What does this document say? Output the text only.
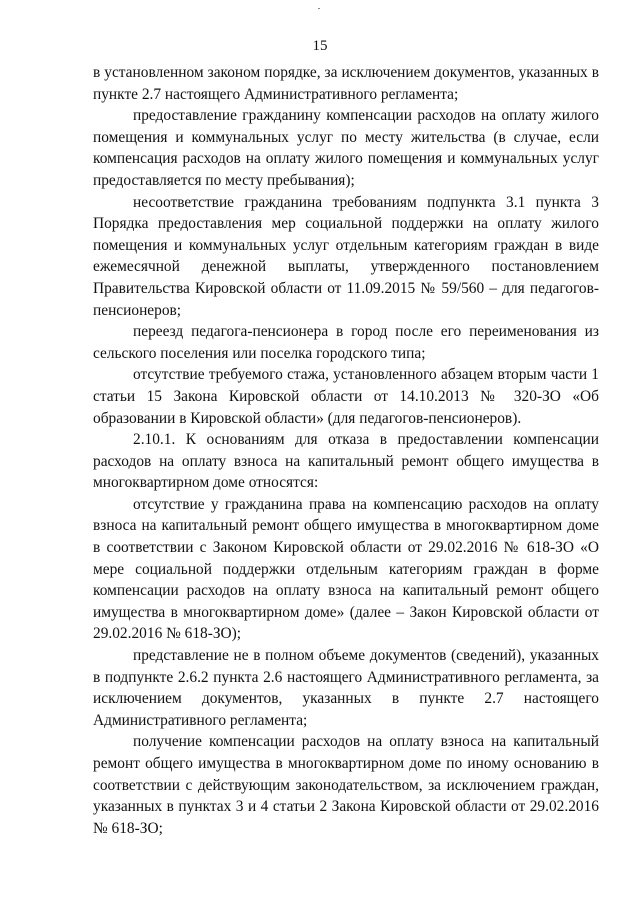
15

в установленном законом порядке, за исключением документов, указанных в пункте 2.7 настоящего Административного регламента;

предоставление гражданину компенсации расходов на оплату жилого помещения и коммунальных услуг по месту жительства (в случае, если компенсация расходов на оплату жилого помещения и коммунальных услуг предоставляется по месту пребывания);

несоответствие гражданина требованиям подпункта 3.1 пункта 3 Порядка предоставления мер социальной поддержки на оплату жилого помещения и коммунальных услуг отдельным категориям граждан в виде ежемесячной денежной выплаты, утвержденного постановлением Правительства Кировской области от 11.09.2015 № 59/560 – для педагогов-пенсионеров;

переезд педагога-пенсионера в город после его переименования из сельского поселения или поселка городского типа;

отсутствие требуемого стажа, установленного абзацем вторым части 1 статьи 15 Закона Кировской области от 14.10.2013 № 320-ЗО «Об образовании в Кировской области» (для педагогов-пенсионеров).

2.10.1. К основаниям для отказа в предоставлении компенсации расходов на оплату взноса на капитальный ремонт общего имущества в многоквартирном доме относятся:

отсутствие у гражданина права на компенсацию расходов на оплату взноса на капитальный ремонт общего имущества в многоквартирном доме в соответствии с Законом Кировской области от 29.02.2016 № 618-ЗО «О мере социальной поддержки отдельным категориям граждан в форме компенсации расходов на оплату взноса на капитальный ремонт общего имущества в многоквартирном доме» (далее – Закон Кировской области от 29.02.2016 № 618-ЗО);

представление не в полном объеме документов (сведений), указанных в подпункте 2.6.2 пункта 2.6 настоящего Административного регламента, за исключением документов, указанных в пункте 2.7 настоящего Административного регламента;

получение компенсации расходов на оплату взноса на капитальный ремонт общего имущества в многоквартирном доме по иному основанию в соответствии с действующим законодательством, за исключением граждан, указанных в пунктах 3 и 4 статьи 2 Закона Кировской области от 29.02.2016 № 618-ЗО;
